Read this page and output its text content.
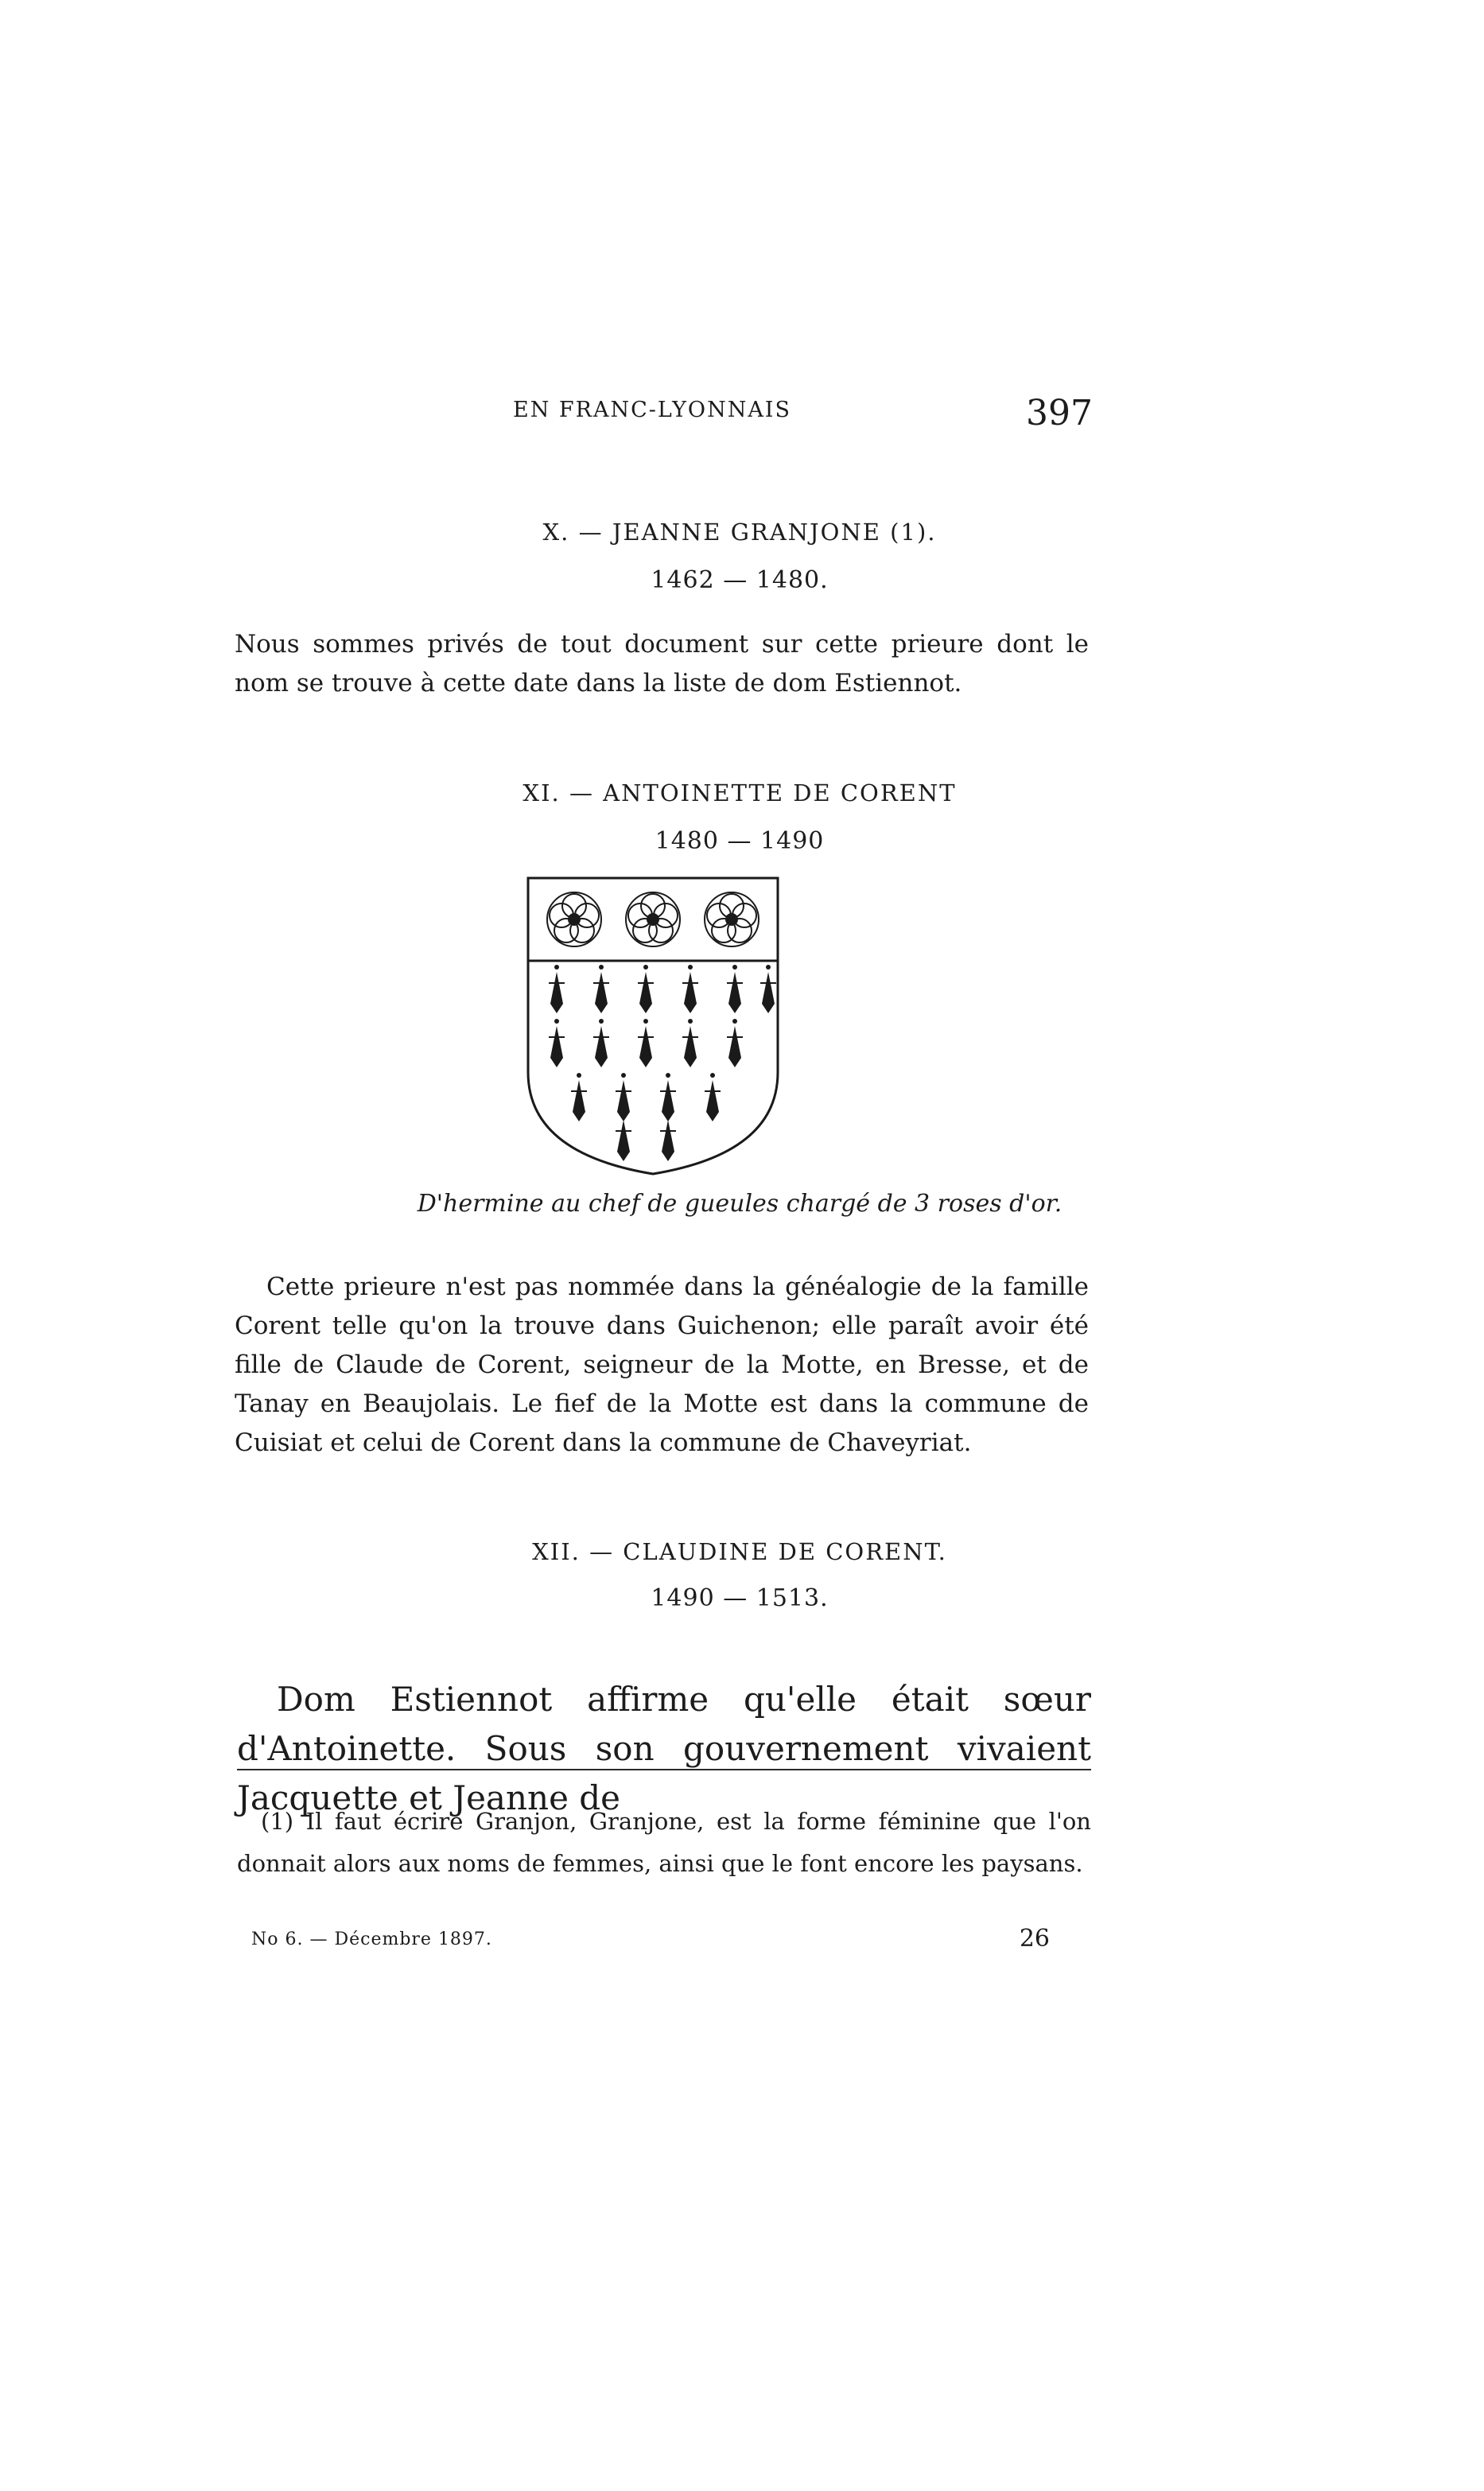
EN FRANC-LYONNAIS	397
X. — JEANNE GRANJONE (1).
1462 — 1480.

Nous sommes privés de tout document sur cette prieure dont le nom se trouve à cette date dans la liste de dom Estiennot.

XI. — ANTOINETTE DE CORENT
1480 — 1490
D'hermine au chef de gueules chargé de 3 roses d'or.

Cette prieure n'est pas nommée dans la généalogie de la famille Corent telle qu'on la trouve dans Guichenon; elle paraît avoir été fille de Claude de Corent, seigneur de la Motte, en Bresse, et de Tanay en Beaujolais. Le fief de la Motte est dans la commune de Cuisiat et celui de Corent dans la commune de Chaveyriat.

XII. — CLAUDINE DE CORENT.
1490 — 1513.

Dom Estiennot affirme qu'elle était sœur d'Antoinette. Sous son gouvernement vivaient Jacquette et Jeanne de

(1) Il faut écrire Granjon, Granjone, est la forme féminine que l'on donnait alors aux noms de femmes, ainsi que le font encore les paysans.
No 6. — Décembre 1897.	26
